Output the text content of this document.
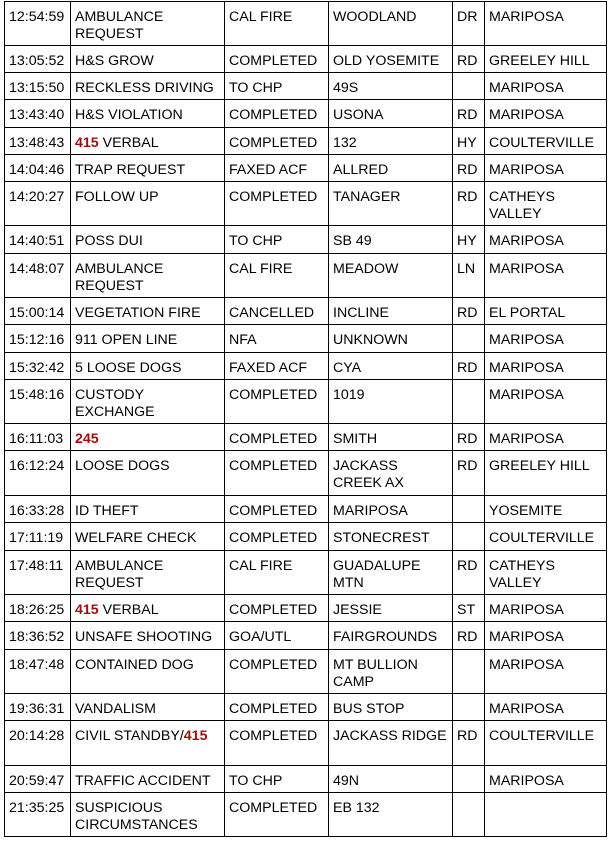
12:54:59	AMBULANCE REQUEST	CAL FIRE	WOODLAND	DR	MARIPOSA
13:05:52	H&S GROW	COMPLETED	OLD YOSEMITE	RD	GREELEY HILL
13:15:50	RECKLESS DRIVING	TO CHP	49S		MARIPOSA
13:43:40	H&S VIOLATION	COMPLETED	USONA	RD	MARIPOSA
13:48:43	415 VERBAL	COMPLETED	132	HY	COULTERVILLE
14:04:46	TRAP REQUEST	FAXED ACF	ALLRED	RD	MARIPOSA
14:20:27	FOLLOW UP	COMPLETED	TANAGER	RD	CATHEYS VALLEY
14:40:51	POSS DUI	TO CHP	SB 49	HY	MARIPOSA
14:48:07	AMBULANCE REQUEST	CAL FIRE	MEADOW	LN	MARIPOSA
15:00:14	VEGETATION FIRE	CANCELLED	INCLINE	RD	EL PORTAL
15:12:16	911 OPEN LINE	NFA	UNKNOWN		MARIPOSA
15:32:42	5 LOOSE DOGS	FAXED ACF	CYA	RD	MARIPOSA
15:48:16	CUSTODY EXCHANGE	COMPLETED	1019		MARIPOSA
16:11:03	245	COMPLETED	SMITH	RD	MARIPOSA
16:12:24	LOOSE DOGS	COMPLETED	JACKASS CREEK AX	RD	GREELEY HILL
16:33:28	ID THEFT	COMPLETED	MARIPOSA		YOSEMITE
17:11:19	WELFARE CHECK	COMPLETED	STONECREST		COULTERVILLE
17:48:11	AMBULANCE REQUEST	CAL FIRE	GUADALUPE MTN	RD	CATHEYS VALLEY
18:26:25	415 VERBAL	COMPLETED	JESSIE	ST	MARIPOSA
18:36:52	UNSAFE SHOOTING	GOA/UTL	FAIRGROUNDS	RD	MARIPOSA
18:47:48	CONTAINED DOG	COMPLETED	MT BULLION CAMP		MARIPOSA
19:36:31	VANDALISM	COMPLETED	BUS STOP		MARIPOSA
20:14:28	CIVIL STANDBY/415	COMPLETED	JACKASS RIDGE	RD	COULTERVILLE
20:59:47	TRAFFIC ACCIDENT	TO CHP	49N		MARIPOSA
21:35:25	SUSPICIOUS CIRCUMSTANCES	COMPLETED	EB 132		
